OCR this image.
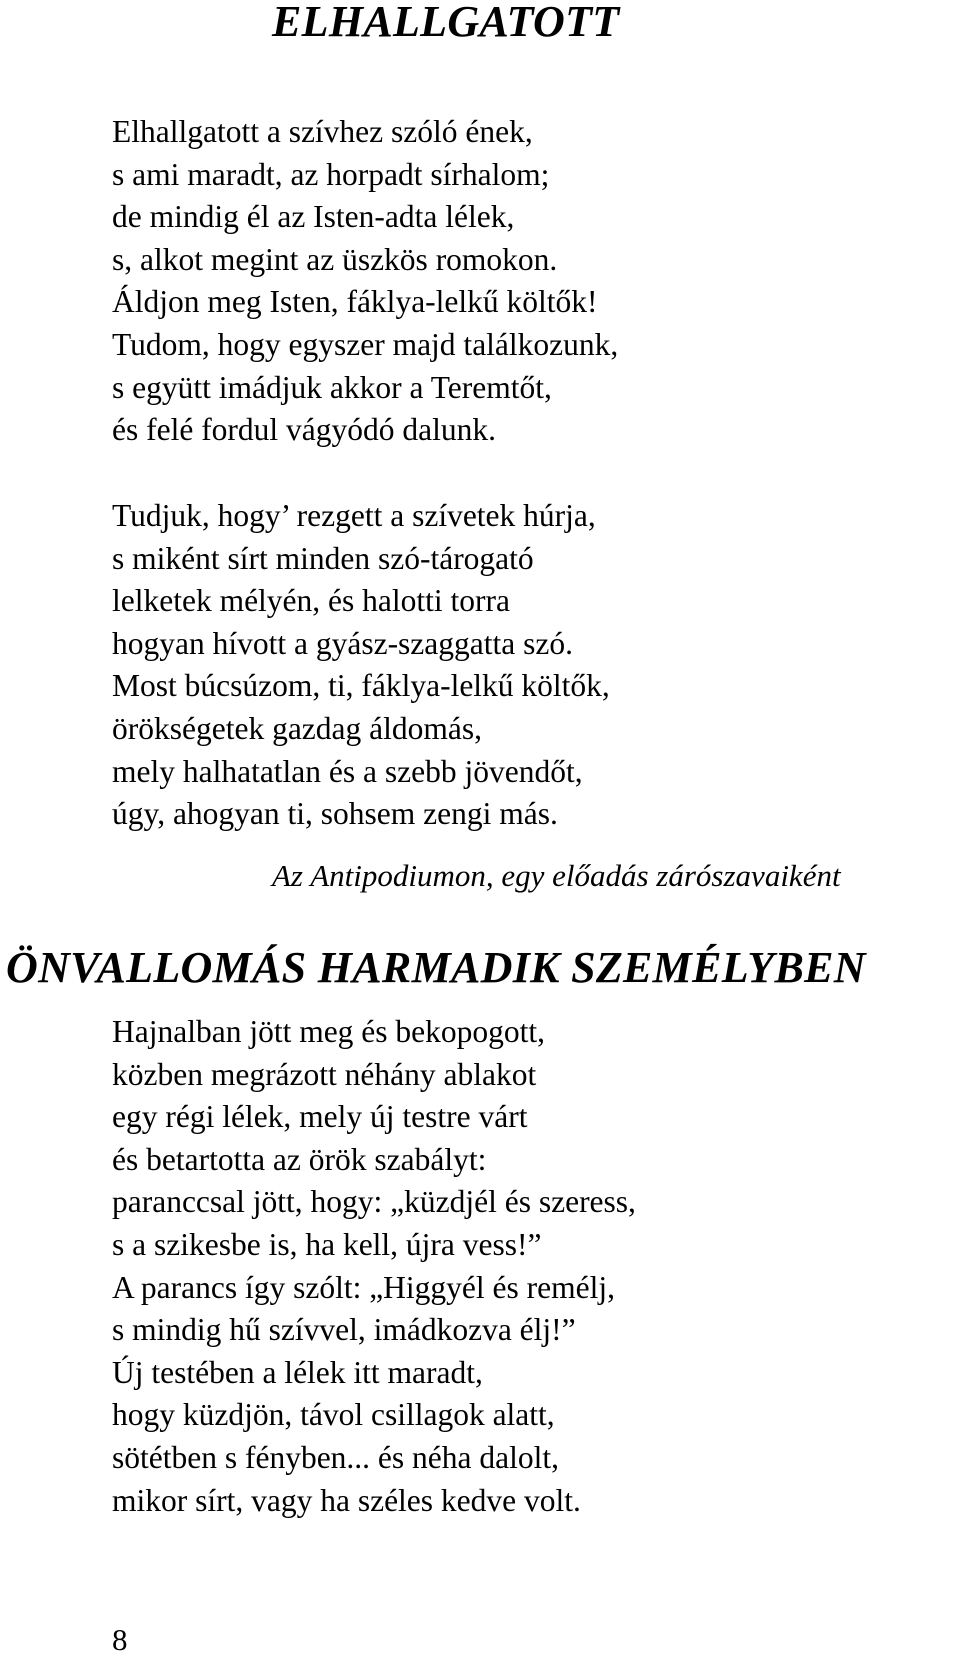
ELHALLGATOTT
Elhallgatott a szívhez szóló ének,
s ami maradt, az horpadt sírhalom;
de mindig él az Isten-adta lélek,
s, alkot megint az üszkös romokon.
Áldjon meg Isten, fáklya-lelkű költők!
Tudom, hogy egyszer majd találkozunk,
s együtt imádjuk akkor a Teremtőt,
és felé fordul vágyódó dalunk.
Tudjuk, hogy’ rezgett a szívetek húrja,
s miként sírt minden szó-tárogató
lelketek mélyén, és halotti torra
hogyan hívott a gyász-szaggatta szó.
Most búcsúzom, ti, fáklya-lelkű költők,
örökségetek gazdag áldomás,
mely halhatatlan és a szebb jövendőt,
úgy, ahogyan ti, sohsem zengi más.

Az Antipodiumon, egy előadás zárószavaiként

ÖNVALLOMÁS HARMADIK SZEMÉLYBEN
Hajnalban jött meg és bekopogott,
közben megrázott néhány ablakot
egy régi lélek, mely új testre várt
és betartotta az örök szabályt:
paranccsal jött, hogy: „küzdjél és szeress,
s a szikesbe is, ha kell, újra vess!”
A parancs így szólt: „Higgyél és remélj,
s mindig hű szívvel, imádkozva élj!”
Új testében a lélek itt maradt,
hogy küzdjön, távol csillagok alatt,
sötétben s fényben... és néha dalolt,
mikor sírt, vagy ha széles kedve volt.
8
